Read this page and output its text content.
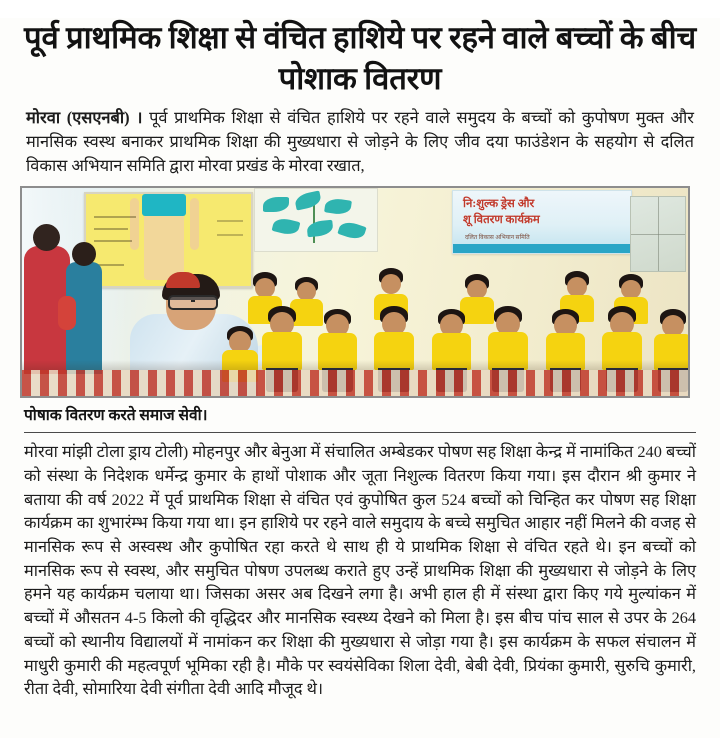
पूर्व प्राथमिक शिक्षा से वंचित हाशिये पर रहने वाले बच्चों के बीच पोशाक वितरण

मोरवा (एसएनबी) । पूर्व प्राथमिक शिक्षा से वंचित हाशिये पर रहने वाले समुदय के बच्चों को कुपोषण मुक्त और मानसिक स्वस्थ बनाकर प्राथमिक शिक्षा की मुख्यधारा से जोड़ने के लिए जीव दया फाउंडेशन के सहयोग से दलित विकास अभियान समिति द्वारा मोरवा प्रखंड के मोरवा रखात,

नि:शुल्क ड्रेस और
शू वितरण कार्यक्रम
दलित विकास अभियान समिति
पोषाक वितरण करते समाज सेवी।

मोरवा मांझी टोला ड्राय टोली) मोहनपुर और बेनुआ में संचालित अम्बेडकर पोषण सह शिक्षा केन्द्र में नामांकित 240 बच्चों को संस्था के निदेशक धर्मेन्द्र कुमार के हाथों पोशाक और जूता निशुल्क वितरण किया गया। इस दौरान श्री कुमार ने बताया की वर्ष 2022 में पूर्व प्राथमिक शिक्षा से वंचित एवं कुपोषित कुल 524 बच्चों को चिन्हित कर पोषण सह शिक्षा कार्यक्रम का शुभारंम्भ किया गया था। इन हाशिये पर रहने वाले समुदाय के बच्चे समुचित आहार नहीं मिलने की वजह से मानसिक रूप से अस्वस्थ और कुपोषित रहा करते थे साथ ही ये प्राथमिक शिक्षा से वंचित रहते थे। इन बच्चों को मानसिक रूप से स्वस्थ, और समुचित पोषण उपलब्ध कराते हुए उन्हें प्राथमिक शिक्षा की मुख्यधारा से जोड़ने के लिए हमने यह कार्यक्रम चलाया था। जिसका असर अब दिखने लगा है। अभी हाल ही में संस्था द्वारा किए गये मुल्यांकन में बच्चों में औसतन 4-5 किलो की वृद्धिदर और मानसिक स्वस्थ्य देखने को मिला है। इस बीच पांच साल से उपर के 264 बच्चों को स्थानीय विद्यालयों में नामांकन कर शिक्षा की मुख्यधारा से जोड़ा गया है। इस कार्यक्रम के सफल संचालन में माधुरी कुमारी की महत्वपूर्ण भूमिका रही है। मौके पर स्वयंसेविका शिला देवी, बेबी देवी, प्रियंका कुमारी, सुरुचि कुमारी, रीता देवी, सोमारिया देवी संगीता देवी आदि मौजूद थे।
